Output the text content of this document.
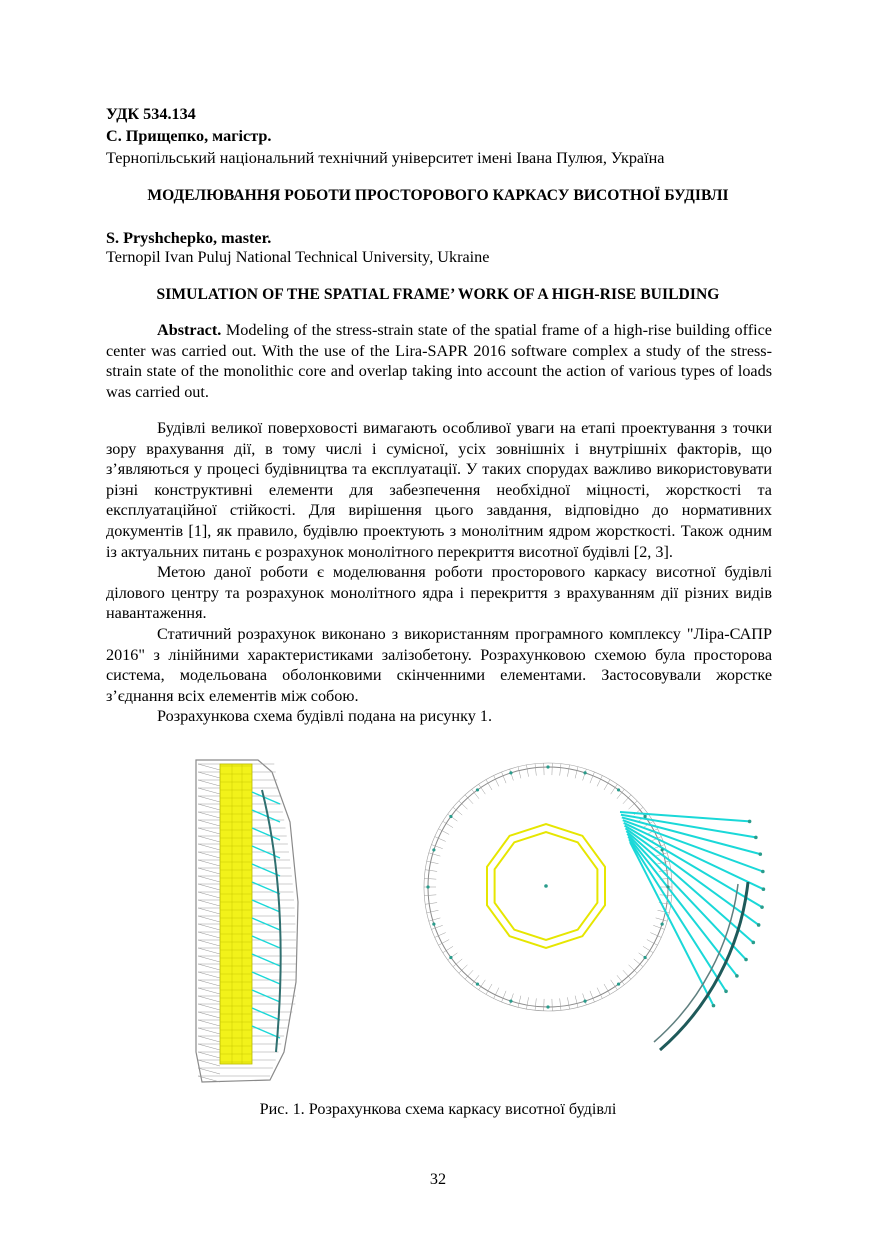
УДК 534.134
С. Прищепко, магістр.
Тернопільський національний технічний університет імені Івана Пулюя, Україна
МОДЕЛЮВАННЯ РОБОТИ ПРОСТОРОВОГО КАРКАСУ ВИСОТНОЇ БУДІВЛІ
S. Pryshchepko, master.
Ternopil Ivan Puluj National Technical University, Ukraine
SIMULATION OF THE SPATIAL FRAME’ WORK OF A HIGH-RISE BUILDING
Abstract. Modeling of the stress-strain state of the spatial frame of a high-rise building office center was carried out. With the use of the Lira-SAPR 2016 software complex a study of the stress-strain state of the monolithic core and overlap taking into account the action of various types of loads was carried out.

Будівлі великої поверховості вимагають особливої уваги на етапі проектування з точки зору врахування дії, в тому числі і сумісної, усіх зовнішніх і внутрішніх факторів, що з’являються у процесі будівництва та експлуатації. У таких спорудах важливо використовувати різні конструктивні елементи для забезпечення необхідної міцності, жорсткості та експлуатаційної стійкості. Для вирішення цього завдання, відповідно до нормативних документів [1], як правило, будівлю проектують з монолітним ядром жорсткості. Також одним із актуальних питань є розрахунок монолітного перекриття висотної будівлі [2, 3].

Метою даної роботи є моделювання роботи просторового каркасу висотної будівлі ділового центру та розрахунок монолітного ядра і перекриття з врахуванням дії різних видів навантаження.

Статичний розрахунок виконано з використанням програмного комплексу "Ліра-САПР 2016" з лінійними характеристиками залізобетону. Розрахунковою схемою була просторова система, модельована оболонковими скінченними елементами. Застосовували жорстке з’єднання всіх елементів між собою.

Розрахункова схема будівлі подана на рисунку 1.

Рис. 1. Розрахункова схема каркасу висотної будівлі
32
